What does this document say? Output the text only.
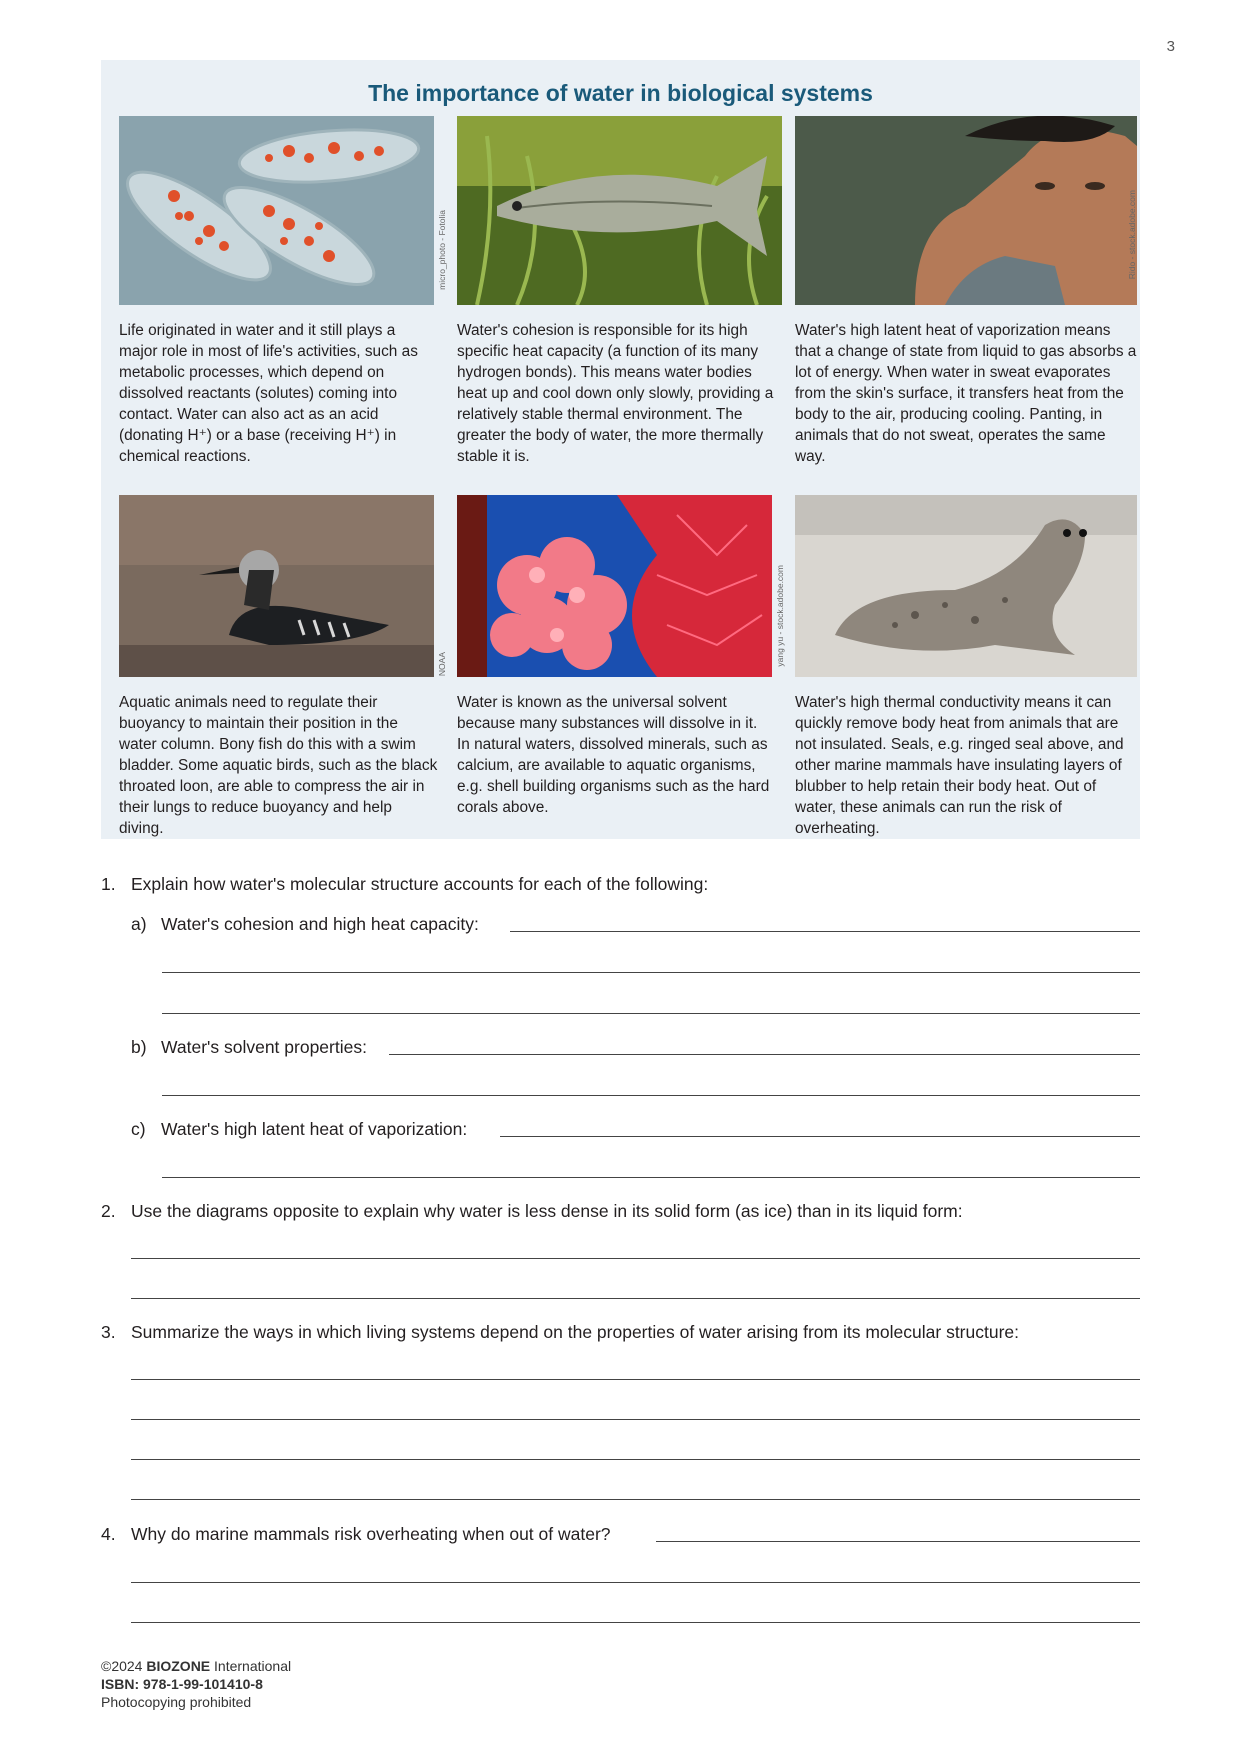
3
The importance of water in biological systems
micro_photo - Fotolia	Rido - stock.adobe.com
Life originated in water and it still plays a major role in most of life's activities, such as metabolic processes, which depend on dissolved reactants (solutes) coming into contact. Water can also act as an acid (donating H⁺) or a base (receiving H⁺) in chemical reactions.
Water's cohesion is responsible for its high specific heat capacity (a function of its many hydrogen bonds). This means water bodies heat up and cool down only slowly, providing a relatively stable thermal environment. The greater the body of water, the more thermally stable it is.
Water's high latent heat of vaporization means that a change of state from liquid to gas absorbs a lot of energy. When water in sweat evaporates from the skin's surface, it transfers heat from the body to the air, producing cooling. Panting, in animals that do not sweat, operates the same way.
NOAA	yang yu - stock.adobe.com
Aquatic animals need to regulate their buoyancy to maintain their position in the water column. Bony fish do this with a swim bladder. Some aquatic birds, such as the black throated loon, are able to compress the air in their lungs to reduce buoyancy and help diving.
Water is known as the universal solvent because many substances will dissolve in it. In natural waters, dissolved minerals, such as calcium, are available to aquatic organisms, e.g. shell building organisms such as the hard corals above.
Water's high thermal conductivity means it can quickly remove body heat from animals that are not insulated. Seals, e.g. ringed seal above, and other marine mammals have insulating layers of blubber to help retain their body heat. Out of water, these animals can run the risk of overheating.
1. Explain how water's molecular structure accounts for each of the following:
a) Water's cohesion and high heat capacity:
b) Water's solvent properties:
c) Water's high latent heat of vaporization:
2. Use the diagrams opposite to explain why water is less dense in its solid form (as ice) than in its liquid form:
3. Summarize the ways in which living systems depend on the properties of water arising from its molecular structure:
4. Why do marine mammals risk overheating when out of water?
©2024 BIOZONE International
ISBN: 978-1-99-101410-8
Photocopying prohibited
